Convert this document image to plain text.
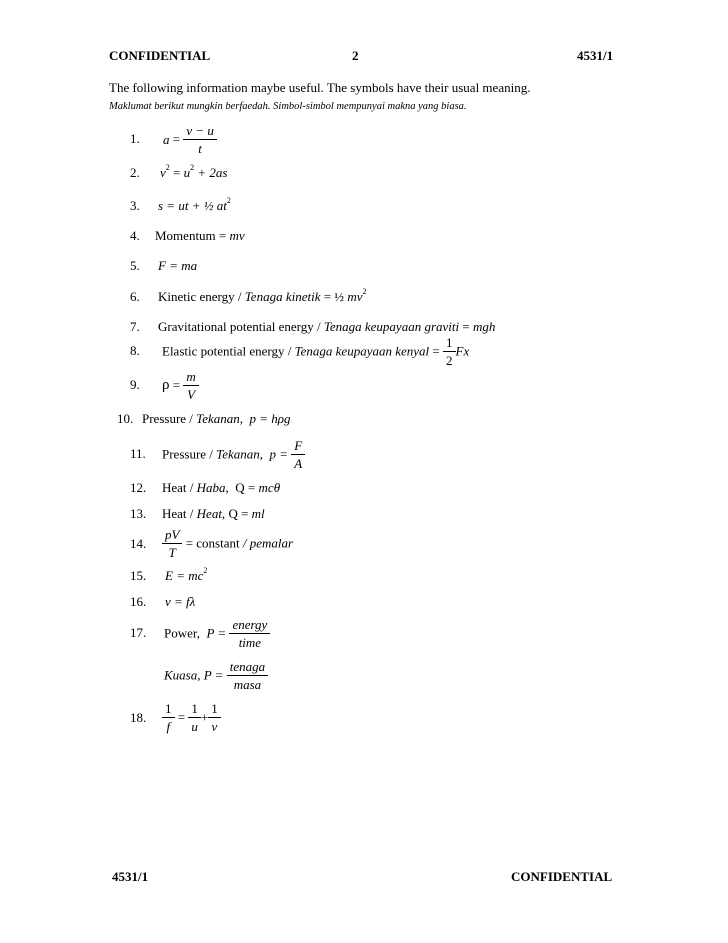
CONFIDENTIAL	2	4531/1
The following information maybe useful. The symbols have their usual meaning.
Maklumat berikut mungkin berfaedah. Simbol-simbol mempunyai makna yang biasa.
1. $a = \frac{v - u}{t}$
2. $v^2 = u^2 + 2as$
3. s = ut + ½ $at^2$
4. Momentum = mv
5. F = ma
6. Kinetic energy / Tenaga kinetik = ½ $mv^2$
7. Gravitational potential energy / Tenaga keupayaan graviti = mgh
8. Elastic potential energy / Tenaga keupayaan kenyal = $\frac{1}{2}$ Fx
9. $\rho = \frac{m}{V}$
10. Pressure / Tekanan, p = hρg
11. Pressure / Tekanan, $p = \frac{F}{A}$
12. Heat / Haba, Q = mcθ
13. Heat / Heat, Q = ml
14. $\frac{pV}{T}$ = constant / pemalar
15. $E = mc^2$
16. v = fλ
17. Power, $P = \frac{\text{energy}}{\text{time}}$
Kuasa, $P = \frac{\text{tenaga}}{\text{masa}}$
18. $\frac{1}{f} = \frac{1}{u} + \frac{1}{v}$
4531/1	CONFIDENTIAL
